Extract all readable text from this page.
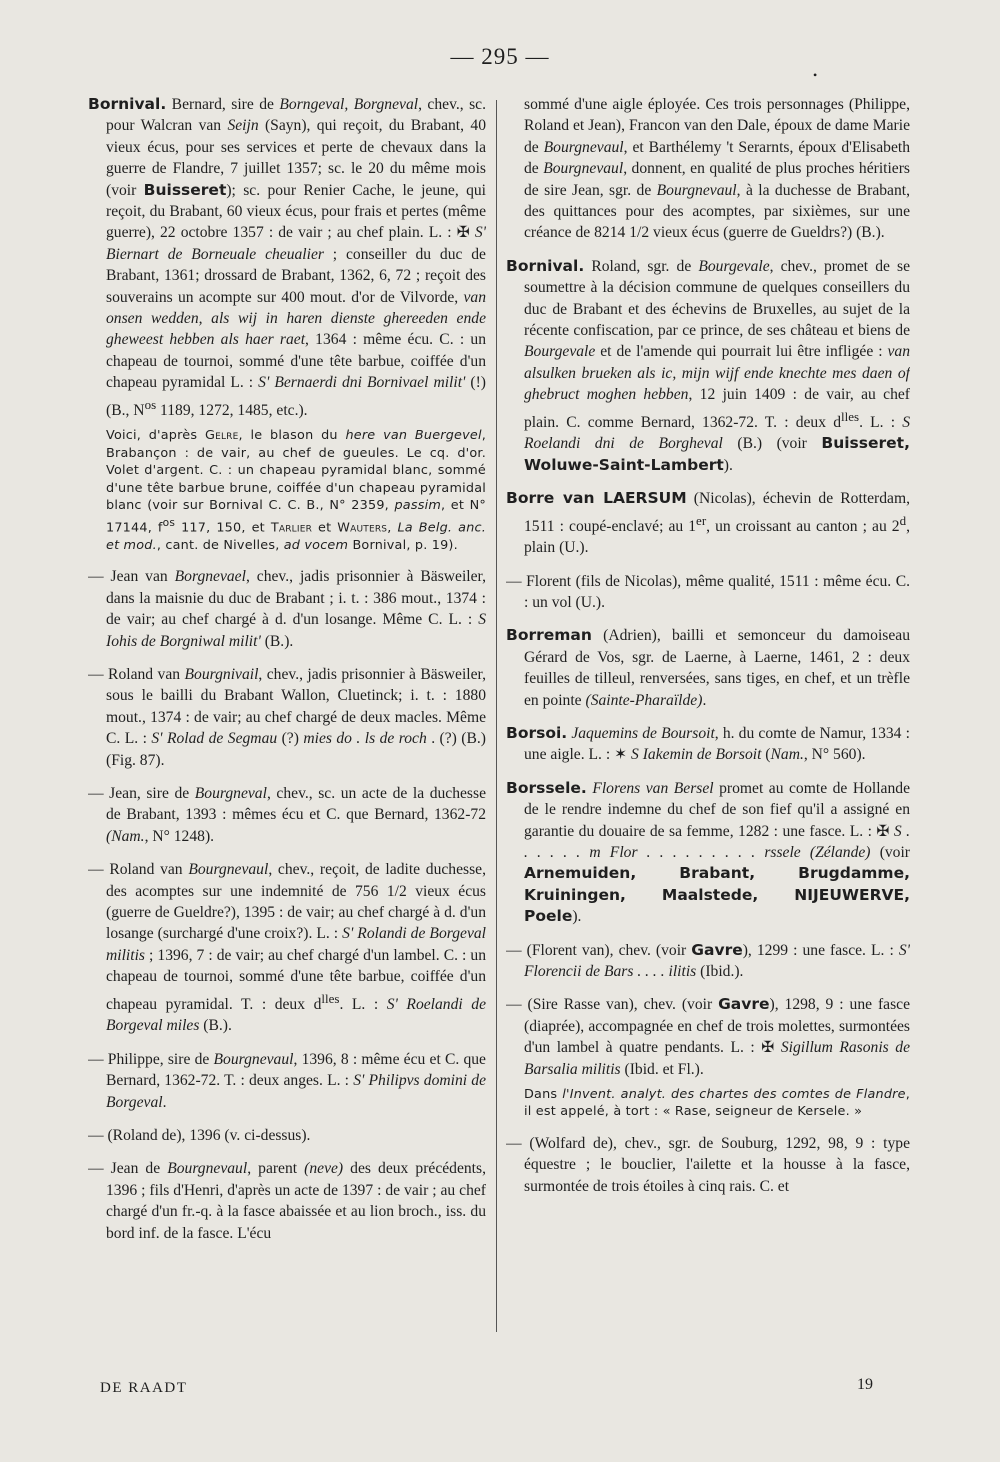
— 295 —
•

Bornival. Bernard, sire de Borngeval, Borgneval, chev., sc. pour Walcran van Seijn (Sayn), qui reçoit, du Brabant, 40 vieux écus, pour ses services et perte de chevaux dans la guerre de Flandre, 7 juillet 1357; sc. le 20 du même mois (voir Buisseret); sc. pour Renier Cache, le jeune, qui reçoit, du Brabant, 60 vieux écus, pour frais et pertes (même guerre), 22 octobre 1357 : de vair ; au chef plain. L. : ✠ S' Biernart de Borneuale cheualier ; conseiller du duc de Brabant, 1361; drossard de Brabant, 1362, 6, 72 ; reçoit des souverains un acompte sur 400 mout. d'or de Vilvorde, van onsen wedden, als wij in haren dienste ghereeden ende gheweest hebben als haer raet, 1364 : même écu. C. : un chapeau de tournoi, sommé d'une tête barbue, coiffée d'un chapeau pyramidal L. : S' Bernaerdi dni Bornivael milit' (!) (B., $N^{os}$ 1189, 1272, 1485, etc.).

Voici, d'après Gelre, le blason du here van Buergevel, Brabançon : de vair, au chef de gueules. Le cq. d'or. Volet d'argent. C. : un chapeau pyramidal blanc, sommé d'une tête barbue brune, coiffée d'un chapeau pyramidal blanc (voir sur Bornival C. C. B., N° 2359, passim, et N° 17144, $f^{os}$ 117, 150, et Tarlier et Wauters, La Belg. anc. et mod., cant. de Nivelles, ad vocem Bornival, p. 19).

— Jean van Borgnevael, chev., jadis prisonnier à Bäsweiler, dans la maisnie du duc de Brabant ; i. t. : 386 mout., 1374 : de vair; au chef chargé à d. d'un losange. Même C. L. : S Iohis de Borgniwal milit' (B.).

— Roland van Bourgnivail, chev., jadis prisonnier à Bäsweiler, sous le bailli du Brabant Wallon, Cluetinck; i. t. : 1880 mout., 1374 : de vair; au chef chargé de deux macles. Même C. L. : S' Rolad de Segmau (?) mies do . ls de roch . (?) (B.) (Fig. 87).

— Jean, sire de Bourgneval, chev., sc. un acte de la duchesse de Brabant, 1393 : mêmes écu et C. que Bernard, 1362-72 (Nam., N° 1248).

— Roland van Bourgnevaul, chev., reçoit, de ladite duchesse, des acomptes sur une indemnité de 756 1/2 vieux écus (guerre de Gueldre?), 1395 : de vair; au chef chargé à d. d'un losange (surchargé d'une croix?). L. : S' Rolandi de Borgeval militis ; 1396, 7 : de vair; au chef chargé d'un lambel. C. : un chapeau de tournoi, sommé d'une tête barbue, coiffée d'un chapeau pyramidal. T. : deux $d^{lles}$. L. : S' Roelandi de Borgeval miles (B.).

— Philippe, sire de Bourgnevaul, 1396, 8 : même écu et C. que Bernard, 1362-72. T. : deux anges. L. : S' Philipvs domini de Borgeval.

— (Roland de), 1396 (v. ci-dessus).

— Jean de Bourgnevaul, parent (neve) des deux précédents, 1396 ; fils d'Henri, d'après un acte de 1397 : de vair ; au chef chargé d'un fr.-q. à la fasce abaissée et au lion broch., iss. du bord inf. de la fasce. L'écu

sommé d'une aigle éployée. Ces trois personnages (Philippe, Roland et Jean), Francon van den Dale, époux de dame Marie de Bourgnevaul, et Barthélemy 't Serarnts, époux d'Elisabeth de Bourgnevaul, donnent, en qualité de plus proches héritiers de sire Jean, sgr. de Bourgnevaul, à la duchesse de Brabant, des quittances pour des acomptes, par sixièmes, sur une créance de 8214 1/2 vieux écus (guerre de Gueldrs?) (B.).

Bornival. Roland, sgr. de Bourgevale, chev., promet de se soumettre à la décision commune de quelques conseillers du duc de Brabant et des échevins de Bruxelles, au sujet de la récente confiscation, par ce prince, de ses château et biens de Bourgevale et de l'amende qui pourrait lui être infligée : van alsulken brueken als ic, mijn wijf ende knechte mes daen of ghebruct moghen hebben, 12 juin 1409 : de vair, au chef plain. C. comme Bernard, 1362-72. T. : deux $d^{lles}$. L. : S Roelandi dni de Borgheval (B.) (voir Buisseret, Woluwe-Saint-Lambert).

Borre van LAERSUM (Nicolas), échevin de Rotterdam, 1511 : coupé-enclavé; au 1er, un croissant au canton ; au 2$^d$, plain (U.).

— Florent (fils de Nicolas), même qualité, 1511 : même écu. C. : un vol (U.).

Borreman (Adrien), bailli et semonceur du damoiseau Gérard de Vos, sgr. de Laerne, à Laerne, 1461, 2 : deux feuilles de tilleul, renversées, sans tiges, en chef, et un trèfle en pointe (Sainte-Pharaïlde).

Borsoi. Jaquemins de Boursoit, h. du comte de Namur, 1334 : une aigle. L. : ✶ S Iakemin de Borsoit (Nam., N° 560).

Borssele. Florens van Bersel promet au comte de Hollande de le rendre indemne du chef de son fief qu'il a assigné en garantie du douaire de sa femme, 1282 : une fasce. L. : ✠ S . . . . . . m Flor . . . . . . . . . rssele (Zélande) (voir Arnemuiden, Brabant, Brugdamme, Kruiningen, Maalstede, NIJEUWERVE, Poele).

— (Florent van), chev. (voir Gavre), 1299 : une fasce. L. : S' Florencii de Bars . . . . ilitis (Ibid.).

— (Sire Rasse van), chev. (voir Gavre), 1298, 9 : une fasce (diaprée), accompagnée en chef de trois molettes, surmontées d'un lambel à quatre pendants. L. : ✠ Sigillum Rasonis de Barsalia militis (Ibid. et Fl.).

Dans l'Invent. analyt. des chartes des comtes de Flandre, il est appelé, à tort : « Rase, seigneur de Kersele. »

— (Wolfard de), chev., sgr. de Souburg, 1292, 98, 9 : type équestre ; le bouclier, l'ailette et la housse à la fasce, surmontée de trois étoiles à cinq rais. C. et

DE RAADT	19
